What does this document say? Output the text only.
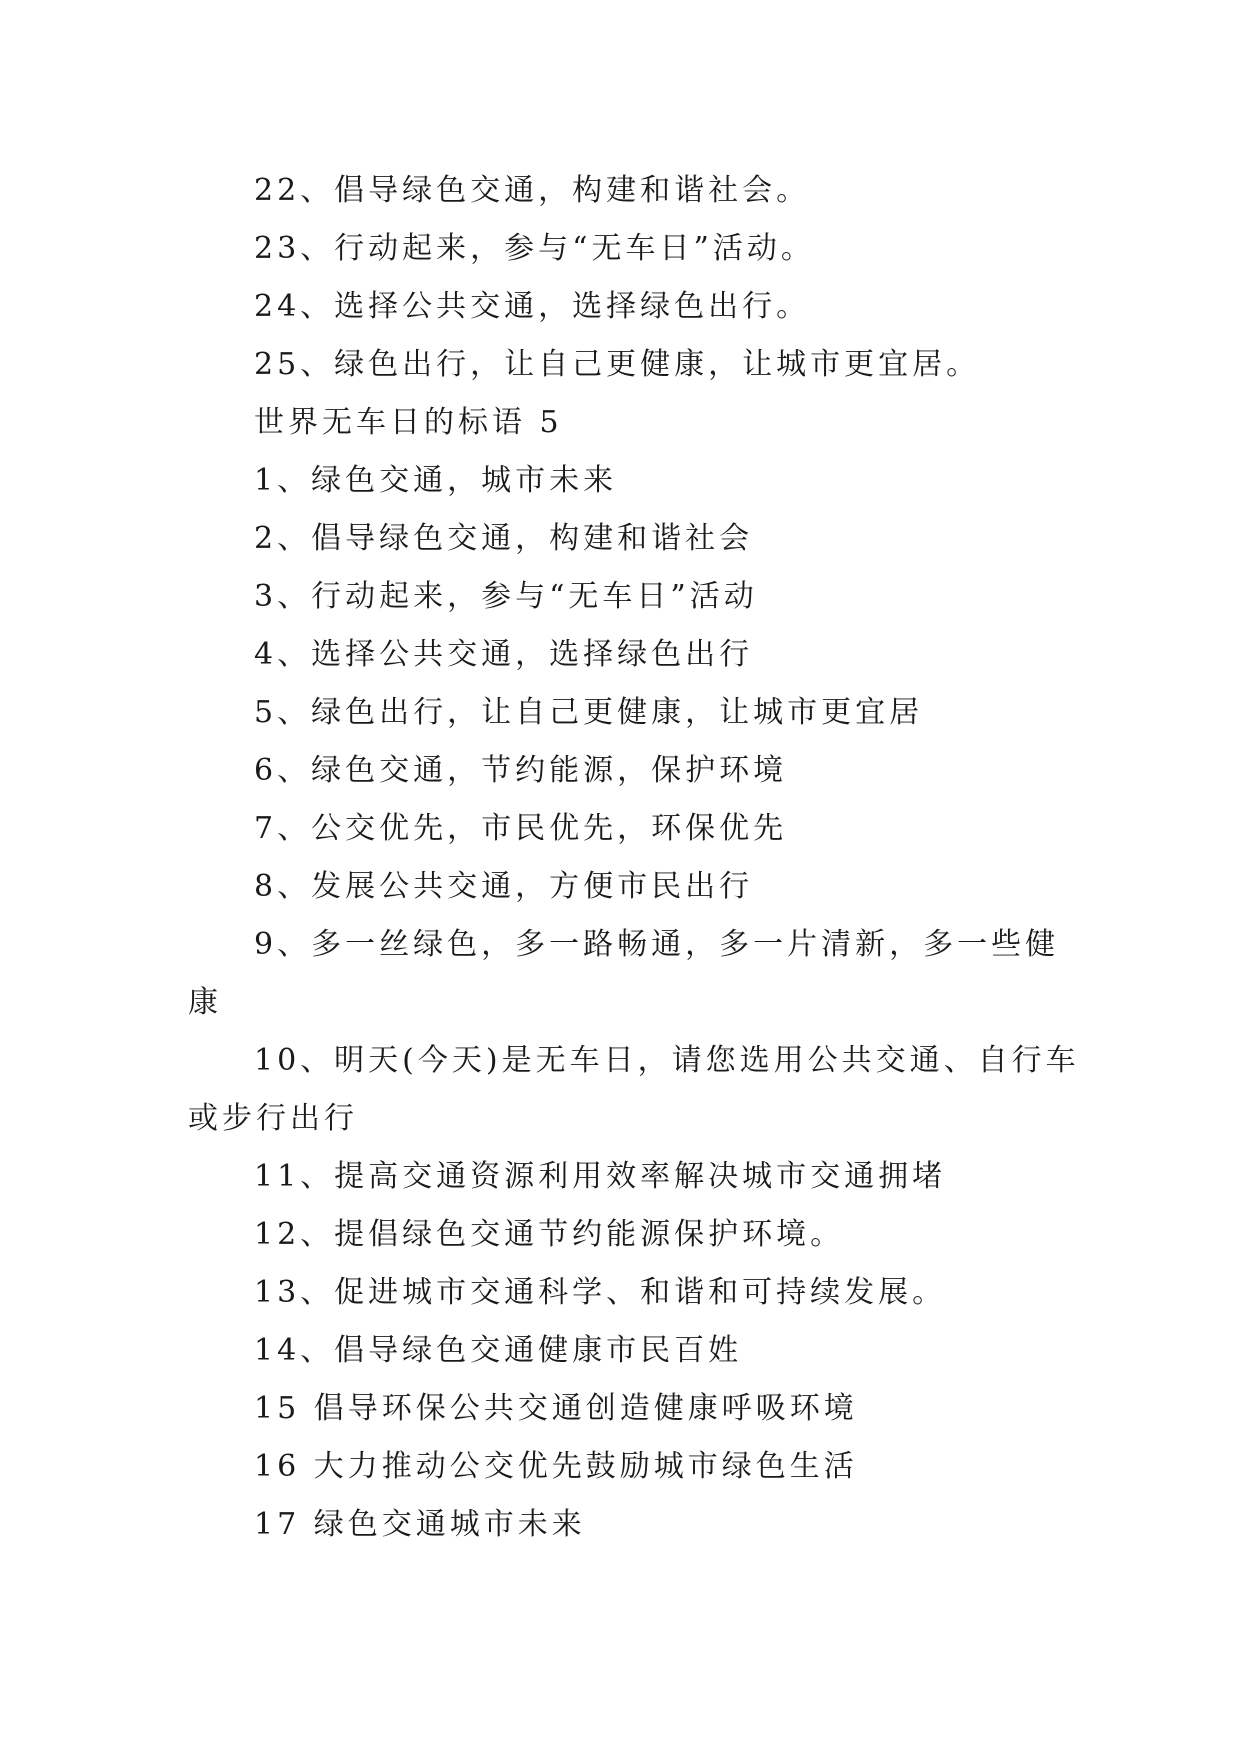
22、倡导绿色交通，构建和谐社会。
23、行动起来，参与“无车日”活动。
24、选择公共交通，选择绿色出行。
25、绿色出行，让自己更健康，让城市更宜居。
世界无车日的标语 5
1、绿色交通，城市未来
2、倡导绿色交通，构建和谐社会
3、行动起来，参与“无车日”活动
4、选择公共交通，选择绿色出行
5、绿色出行，让自己更健康，让城市更宜居
6、绿色交通，节约能源，保护环境
7、公交优先，市民优先，环保优先
8、发展公共交通，方便市民出行
9、多一丝绿色，多一路畅通，多一片清新，多一些健
康
10、明天(今天)是无车日，请您选用公共交通、自行车
或步行出行
11、提高交通资源利用效率解决城市交通拥堵
12、提倡绿色交通节约能源保护环境。
13、促进城市交通科学、和谐和可持续发展。
14、倡导绿色交通健康市民百姓
15 倡导环保公共交通创造健康呼吸环境
16 大力推动公交优先鼓励城市绿色生活
17 绿色交通城市未来
